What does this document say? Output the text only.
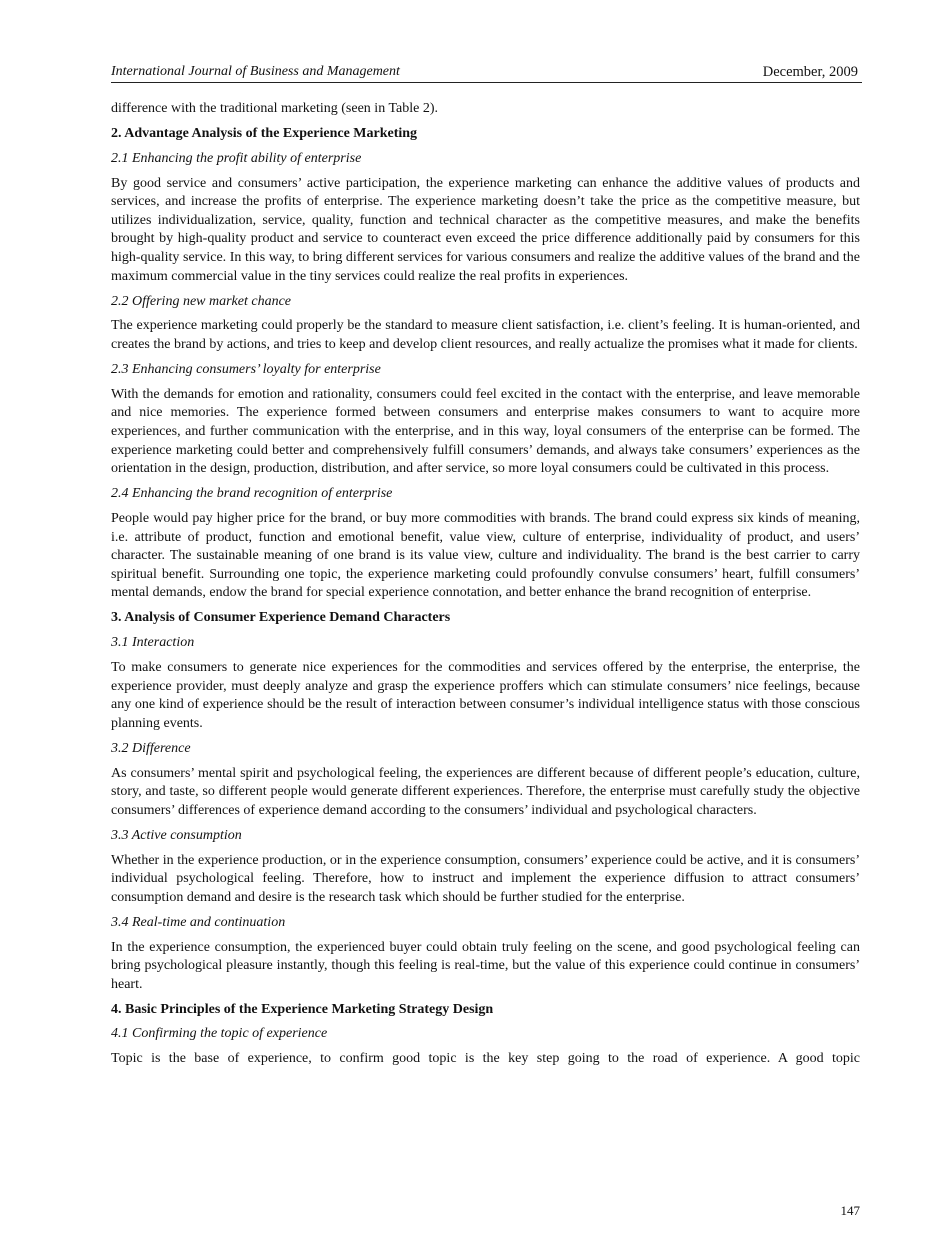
International Journal of Business and Management	December, 2009

difference with the traditional marketing (seen in Table 2).

2. Advantage Analysis of the Experience Marketing

2.1 Enhancing the profit ability of enterprise

By good service and consumers’ active participation, the experience marketing can enhance the additive values of products and services, and increase the profits of enterprise. The experience marketing doesn’t take the price as the competitive measure, but utilizes individualization, service, quality, function and technical character as the competitive measures, and make the benefits brought by high-quality product and service to counteract even exceed the price difference additionally paid by consumers for this high-quality service. In this way, to bring different services for various consumers and realize the additive values of the brand and the maximum commercial value in the tiny services could realize the real profits in experiences.

2.2 Offering new market chance

The experience marketing could properly be the standard to measure client satisfaction, i.e. client’s feeling. It is human-oriented, and creates the brand by actions, and tries to keep and develop client resources, and really actualize the promises what it made for clients.

2.3 Enhancing consumers’ loyalty for enterprise

With the demands for emotion and rationality, consumers could feel excited in the contact with the enterprise, and leave memorable and nice memories. The experience formed between consumers and enterprise makes consumers to want to acquire more experiences, and further communication with the enterprise, and in this way, loyal consumers of the enterprise can be formed. The experience marketing could better and comprehensively fulfill consumers’ demands, and always take consumers’ experiences as the orientation in the design, production, distribution, and after service, so more loyal consumers could be cultivated in this process.

2.4 Enhancing the brand recognition of enterprise

People would pay higher price for the brand, or buy more commodities with brands. The brand could express six kinds of meaning, i.e. attribute of product, function and emotional benefit, value view, culture of enterprise, individuality of product, and users’ character. The sustainable meaning of one brand is its value view, culture and individuality. The brand is the best carrier to carry spiritual benefit. Surrounding one topic, the experience marketing could profoundly convulse consumers’ heart, fulfill consumers’ mental demands, endow the brand for special experience connotation, and better enhance the brand recognition of enterprise.

3. Analysis of Consumer Experience Demand Characters

3.1 Interaction

To make consumers to generate nice experiences for the commodities and services offered by the enterprise, the enterprise, the experience provider, must deeply analyze and grasp the experience proffers which can stimulate consumers’ nice feelings, because any one kind of experience should be the result of interaction between consumer’s individual intelligence status with those conscious planning events.

3.2 Difference

As consumers’ mental spirit and psychological feeling, the experiences are different because of different people’s education, culture, story, and taste, so different people would generate different experiences. Therefore, the enterprise must carefully study the objective consumers’ differences of experience demand according to the consumers’ individual and psychological characters.

3.3 Active consumption

Whether in the experience production, or in the experience consumption, consumers’ experience could be active, and it is consumers’ individual psychological feeling. Therefore, how to instruct and implement the experience diffusion to attract consumers’ consumption demand and desire is the research task which should be further studied for the enterprise.

3.4 Real-time and continuation

In the experience consumption, the experienced buyer could obtain truly feeling on the scene, and good psychological feeling can bring psychological pleasure instantly, though this feeling is real-time, but the value of this experience could continue in consumers’ heart.

4. Basic Principles of the Experience Marketing Strategy Design

4.1 Confirming the topic of experience

Topic is the base of experience, to confirm good topic is the key step going to the road of experience. A good topic

147
